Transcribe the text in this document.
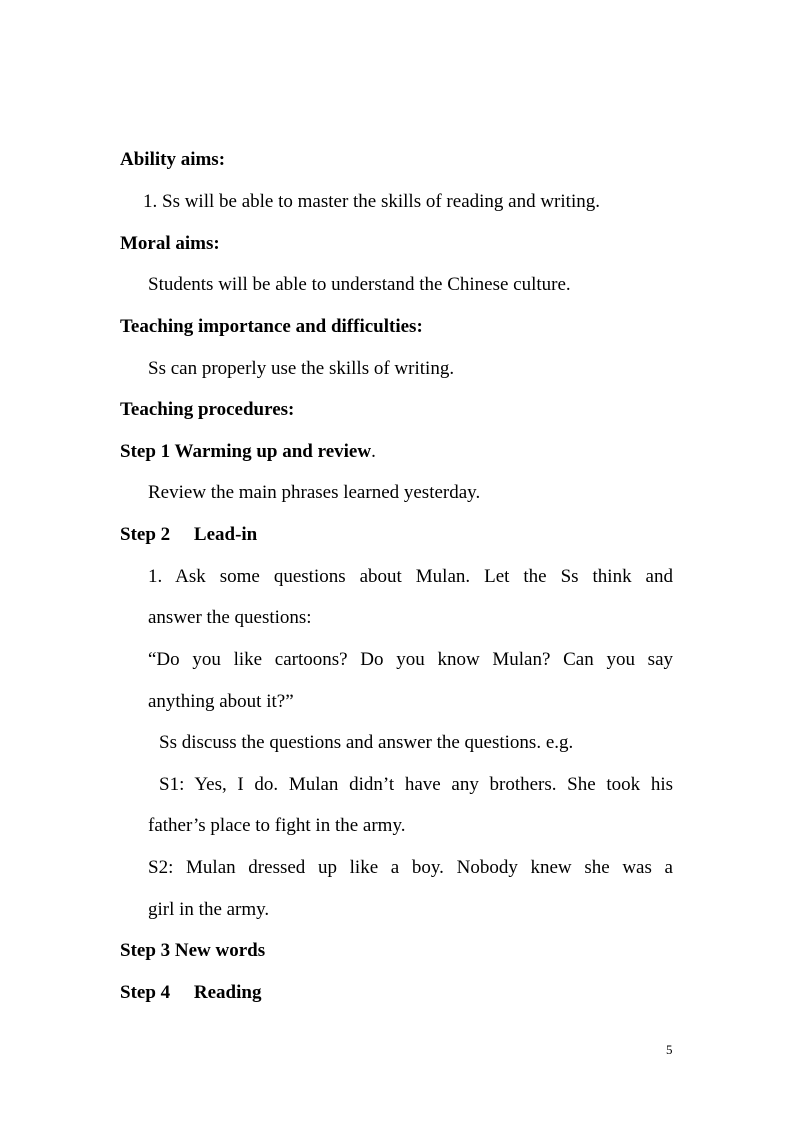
Ability aims:
1. Ss will be able to master the skills of reading and writing.
Moral aims:
Students will be able to understand the Chinese culture.
Teaching importance and difficulties:
Ss can properly use the skills of writing.
Teaching procedures:
Step 1 Warming up and review.
Review the main phrases learned yesterday.
Step 2     Lead-in
1. Ask some questions about Mulan. Let the Ss think and
answer the questions:
“Do you like cartoons? Do you know Mulan? Can you say
anything about it?”
Ss discuss the questions and answer the questions. e.g.
S1: Yes, I do. Mulan didn’t have any brothers. She took his
father’s place to fight in the army.
S2: Mulan dressed up like a boy. Nobody knew she was a
girl in the army.
Step 3 New words
Step 4     Reading
5
